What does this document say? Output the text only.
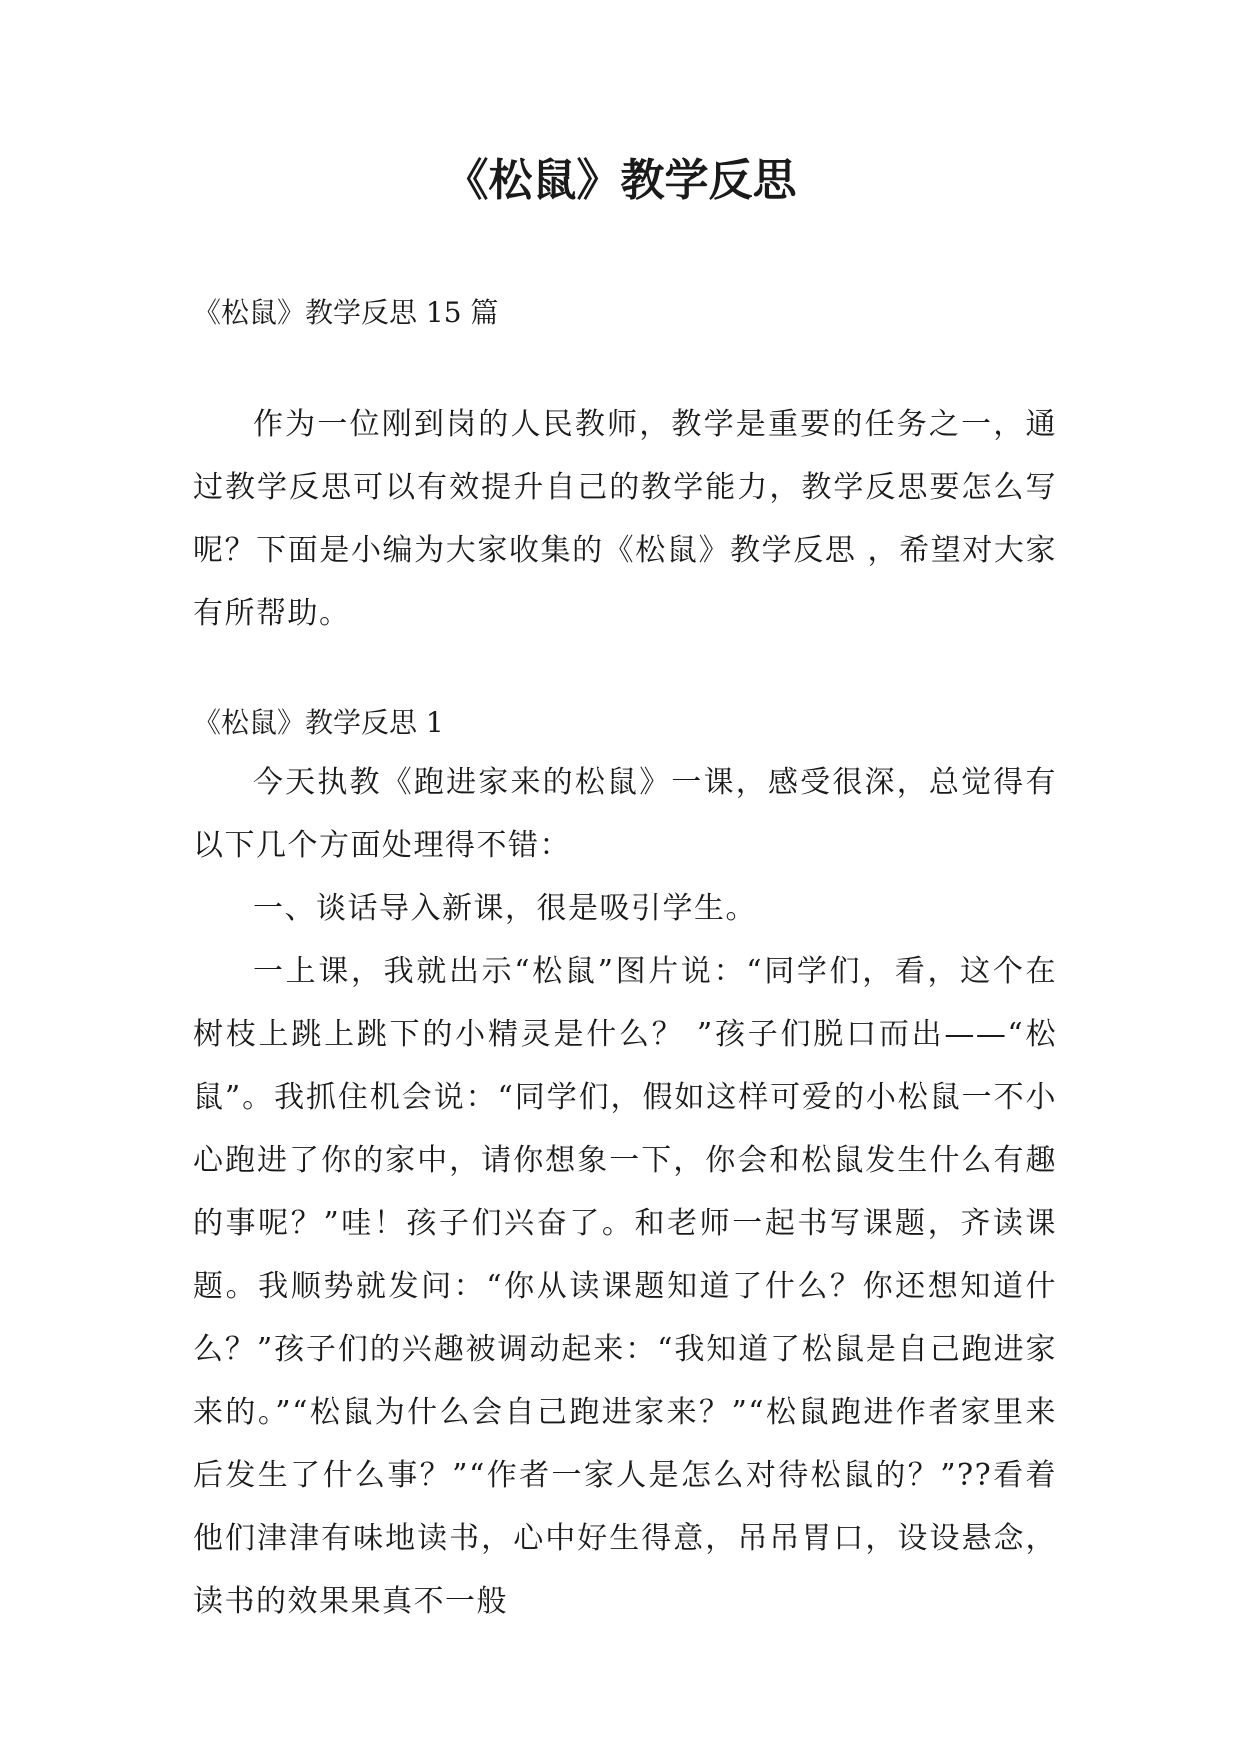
《松鼠》教学反思

《松鼠》教学反思 15 篇

作为一位刚到岗的人民教师，教学是重要的任务之一，通过教学反思可以有效提升自己的教学能力，教学反思要怎么写呢？下面是小编为大家收集的《松鼠》教学反思 ，希望对大家有所帮助。

《松鼠》教学反思 1

今天执教《跑进家来的松鼠》一课，感受很深，总觉得有以下几个方面处理得不错：

一、谈话导入新课，很是吸引学生。

一上课，我就出示“松鼠”图片说：“同学们，看，这个在树枝上跳上跳下的小精灵是什么？ ”孩子们脱口而出——“松鼠”。我抓住机会说：“同学们，假如这样可爱的小松鼠一不小心跑进了你的家中，请你想象一下，你会和松鼠发生什么有趣的事呢？”哇！孩子们兴奋了。和老师一起书写课题，齐读课题。我顺势就发问：“你从读课题知道了什么？你还想知道什么？”孩子们的兴趣被调动起来：“我知道了松鼠是自己跑进家来的。”“松鼠为什么会自己跑进家来？”“松鼠跑进作者家里来后发生了什么事？”“作者一家人是怎么对待松鼠的？”??看着他们津津有味地读书，心中好生得意，吊吊胃口，设设悬念，读书的效果果真不一般
